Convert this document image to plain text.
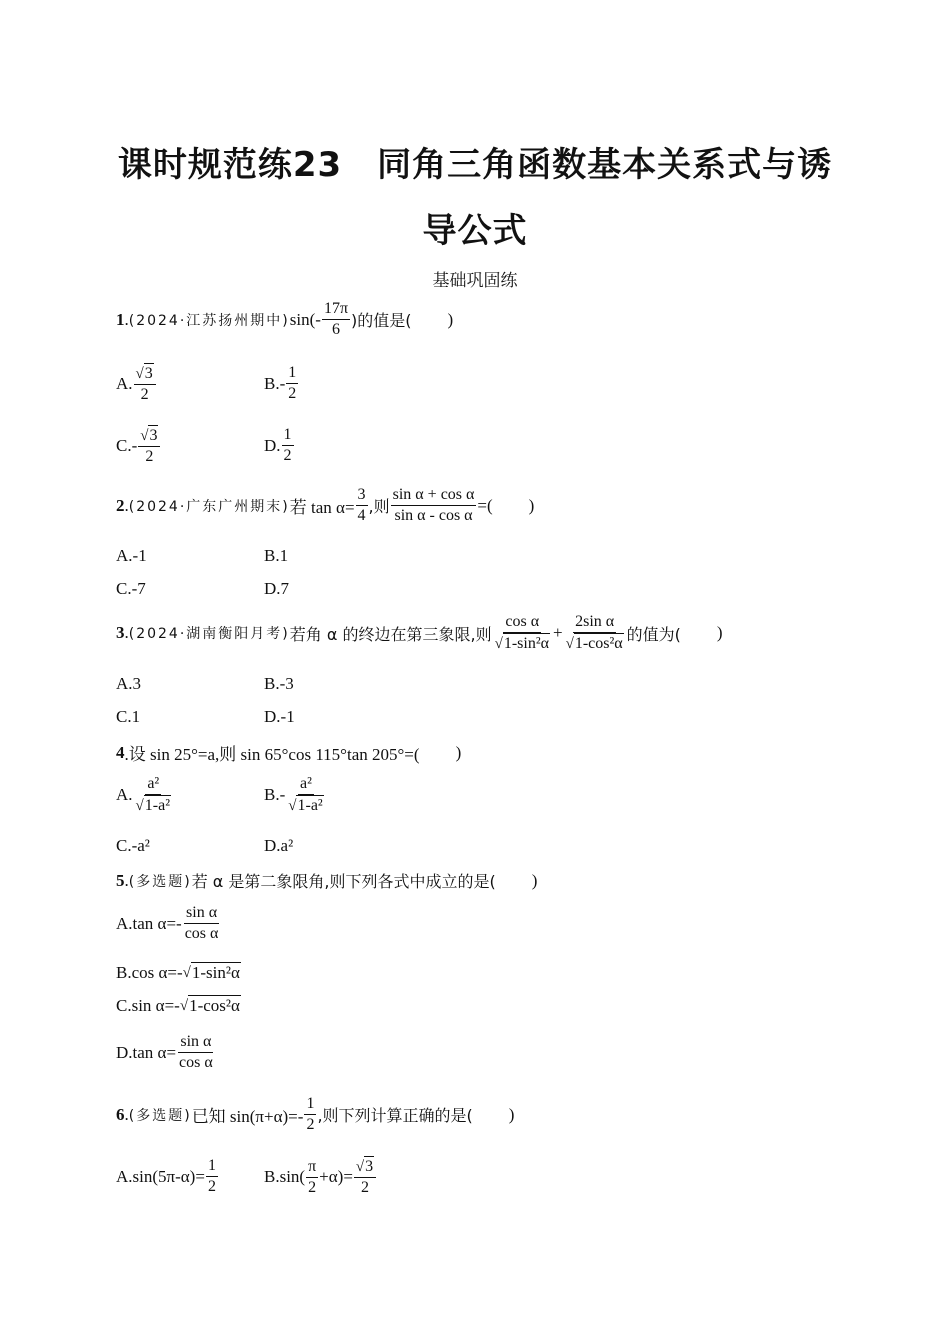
课时规范练23　同角三角函数基本关系式与诱
导公式
基础巩固练
1 . (2024·江苏扬州期中) $\sin(- \frac{17\pi}{6}$ )的值是( )
A. $\frac{√ 3}{2}$	$B.- \frac{1}{2}$
$C.- \frac{√ 3}{2}$	D. $\frac{1}{2}$
2 . (2024·广东广州期末) 若 $\tan \alpha= \frac{3}{4}$ ,则 $\frac{\text{sin α + cos α}}{\text{sin α - cos α}}$ =( )
A.-1	B.1
C.-7	D.7
3 . (2024·湖南衡阳月考) 若角 α 的终边在第三象限,则 $\frac{\text{cos α}}{\text{√ 1-sin²α}} + \frac{\text{2sin α}}{\text{√ 1-cos²α}}$ 的值为( )
A.3	B.-3
C.1	D.-1
4 .设 sin 25°=a,则 sin 65°cos 115°tan 205°=( )
A. $\frac{\text{a²}}{\text{√ 1-a²}}$	$B.- \frac{\text{a²}}{\text{√ 1-a²}}$
C.-a²	D.a²
5 . (多选题) 若 α 是第二象限角,则下列各式中成立的是( )
A.tan $\alpha=- \frac{\text{sin α}}{\text{cos α}}$
B.cos α=- √ 1-sin²α
C.sin α=- √ 1-cos²α
D.tan $\alpha= \frac{\text{sin α}}{\text{cos α}}$
6 . (多选题) 已知 $\sin(\pi+\alpha)=- \frac{1}{2}$ ,则下列计算正确的是( )
$A.\sin(5\pi-\alpha)= \frac{1}{2}$	$B.\sin( \frac{\pi}{2} +\alpha)= \frac{√ 3}{2}$
